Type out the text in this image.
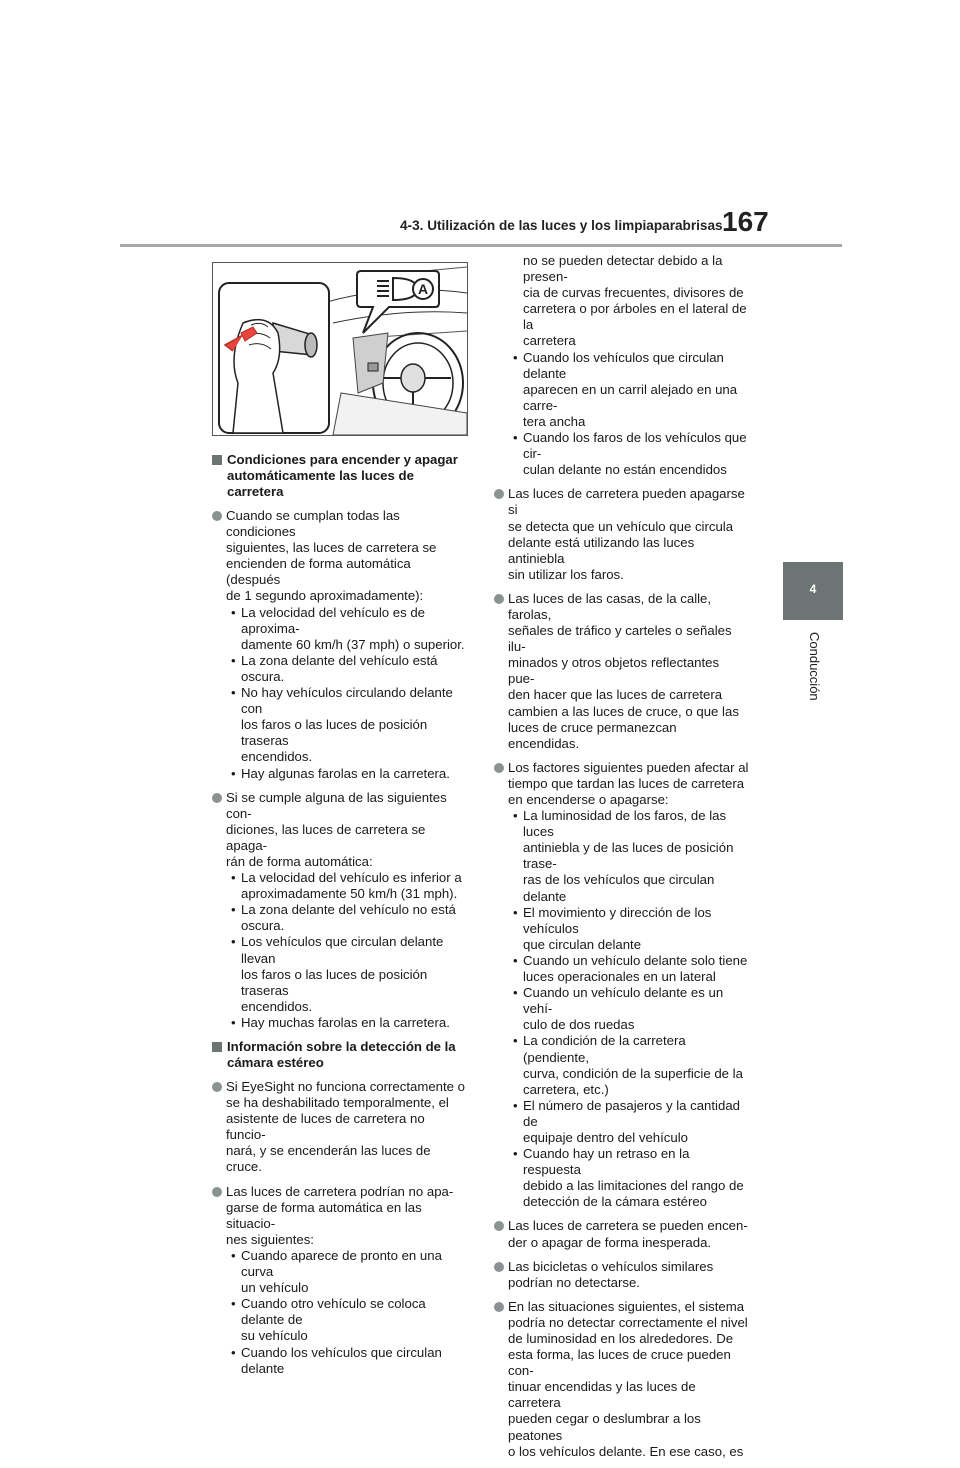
4-3. Utilización de las luces y los limpiaparabrisas 167
4
Conducción
A
Condiciones para encender y apagar
automáticamente las luces de carretera

Cuando se cumplan todas las condiciones

siguientes, las luces de carretera se

encienden de forma automática (después

de 1 segundo aproximadamente):

• La velocidad del vehículo es de aproxima-

damente 60 km/h (37 mph) o superior.

• La zona delante del vehículo está oscura.

• No hay vehículos circulando delante con

los faros o las luces de posición traseras

encendidos.

• Hay algunas farolas en la carretera.

Si se cumple alguna de las siguientes con-

diciones, las luces de carretera se apaga-

rán de forma automática:

• La velocidad del vehículo es inferior a

aproximadamente 50 km/h (31 mph).

• La zona delante del vehículo no está

oscura.

• Los vehículos que circulan delante llevan

los faros o las luces de posición traseras

encendidos.

• Hay muchas farolas en la carretera.

Información sobre la detección de la
cámara estéreo

Si EyeSight no funciona correctamente o

se ha deshabilitado temporalmente, el

asistente de luces de carretera no funcio-

nará, y se encenderán las luces de cruce.

Las luces de carretera podrían no apa-

garse de forma automática en las situacio-

nes siguientes:

• Cuando aparece de pronto en una curva

un vehículo

• Cuando otro vehículo se coloca delante de

su vehículo

• Cuando los vehículos que circulan delante

no se pueden detectar debido a la presen-

cia de curvas frecuentes, divisores de

carretera o por árboles en el lateral de la

carretera

• Cuando los vehículos que circulan delante

aparecen en un carril alejado en una carre-

tera ancha

• Cuando los faros de los vehículos que cir-

culan delante no están encendidos

Las luces de carretera pueden apagarse si

se detecta que un vehículo que circula

delante está utilizando las luces antiniebla

sin utilizar los faros.

Las luces de las casas, de la calle, farolas,

señales de tráfico y carteles o señales ilu-

minados y otros objetos reflectantes pue-

den hacer que las luces de carretera

cambien a las luces de cruce, o que las

luces de cruce permanezcan encendidas.

Los factores siguientes pueden afectar al

tiempo que tardan las luces de carretera

en encenderse o apagarse:

• La luminosidad de los faros, de las luces

antiniebla y de las luces de posición trase-

ras de los vehículos que circulan delante

• El movimiento y dirección de los vehículos

que circulan delante

• Cuando un vehículo delante solo tiene

luces operacionales en un lateral

• Cuando un vehículo delante es un vehí-

culo de dos ruedas

• La condición de la carretera (pendiente,

curva, condición de la superficie de la

carretera, etc.)

• El número de pasajeros y la cantidad de

equipaje dentro del vehículo

• Cuando hay un retraso en la respuesta

debido a las limitaciones del rango de

detección de la cámara estéreo

Las luces de carretera se pueden encen-

der o apagar de forma inesperada.

Las bicicletas o vehículos similares

podrían no detectarse.

En las situaciones siguientes, el sistema

podría no detectar correctamente el nivel

de luminosidad en los alrededores. De

esta forma, las luces de cruce pueden con-

tinuar encendidas y las luces de carretera

pueden cegar o deslumbrar a los peatones

o los vehículos delante. En ese caso, es
